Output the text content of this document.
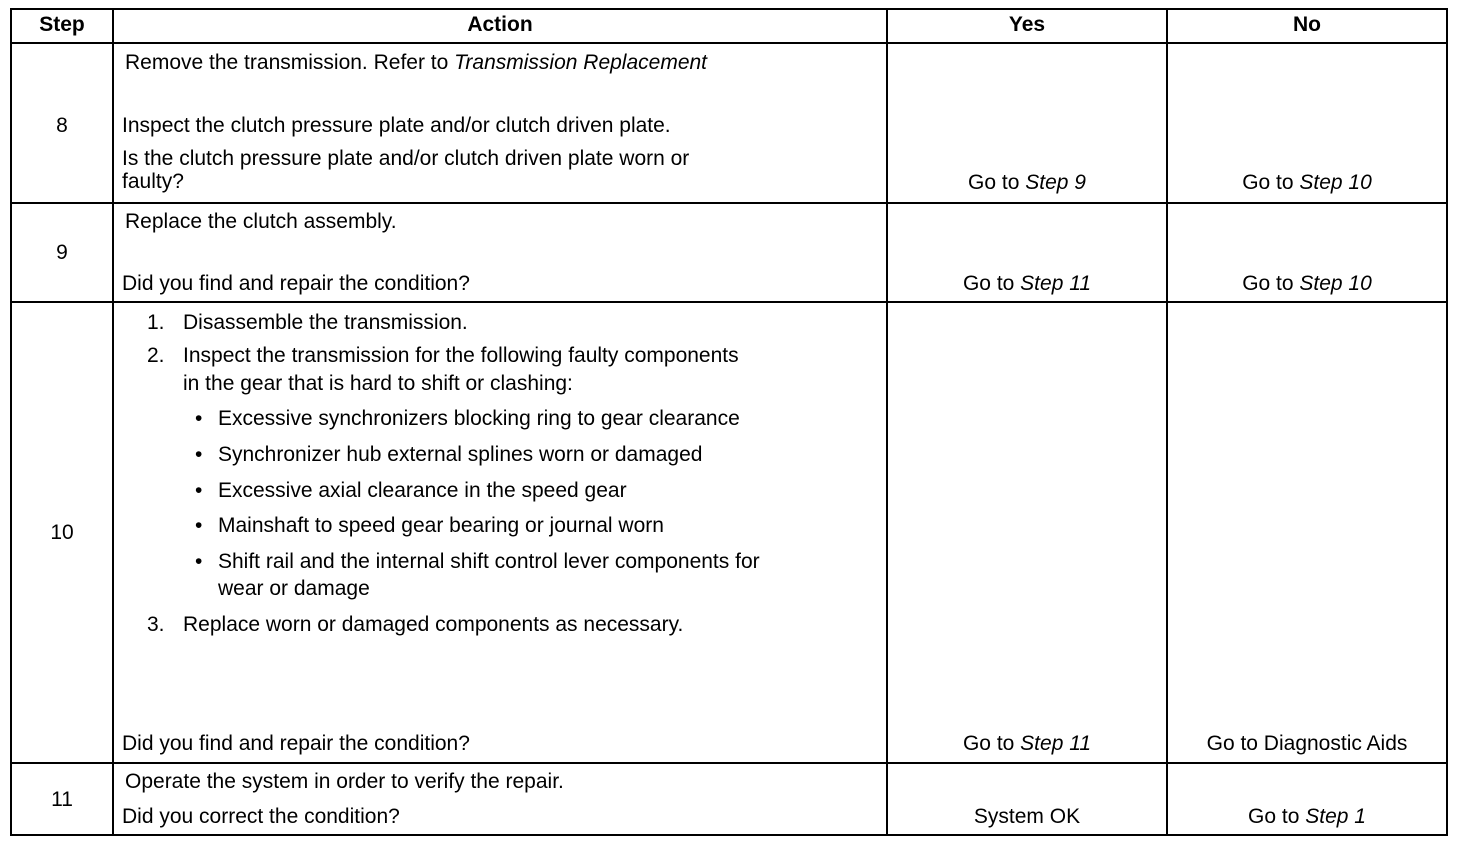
Step	Action	Yes	No
8
Remove the transmission. Refer to Transmission Replacement
Inspect the clutch pressure plate and/or clutch driven plate.
Is the clutch pressure plate and/or clutch driven plate worn or
faulty?	Go to Step 9	Go to Step 10
9
Replace the clutch assembly.
Did you find and repair the condition?	Go to Step 11	Go to Step 10
10
1. Disassemble the transmission.
2. Inspect the transmission for the following faulty components
in the gear that is hard to shift or clashing:
• Excessive synchronizers blocking ring to gear clearance
• Synchronizer hub external splines worn or damaged
• Excessive axial clearance in the speed gear
• Mainshaft to speed gear bearing or journal worn
• Shift rail and the internal shift control lever components for
wear or damage
3. Replace worn or damaged components as necessary.
Did you find and repair the condition?	Go to Step 11	Go to Diagnostic Aids
11
Operate the system in order to verify the repair.
Did you correct the condition?	System OK	Go to Step 1
